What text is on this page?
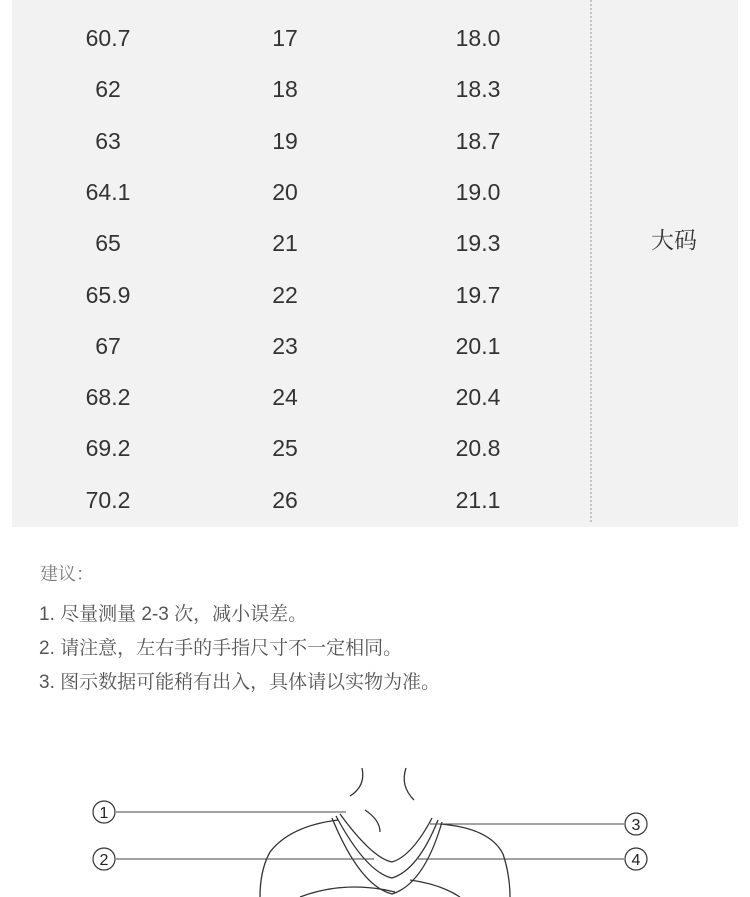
60.7	17	18.0
62	18	18.3
63	19	18.7
64.1	20	19.0
65	21	19.3
65.9	22	19.7
67	23	20.1
68.2	24	20.4
69.2	25	20.8
70.2	26	21.1
大码
建议：
1. 尽量测量 2-3 次，减小误差。
2. 请注意，左右手的手指尺寸不一定相同。
3. 图示数据可能稍有出入，具体请以实物为准。
1
2
3
4
